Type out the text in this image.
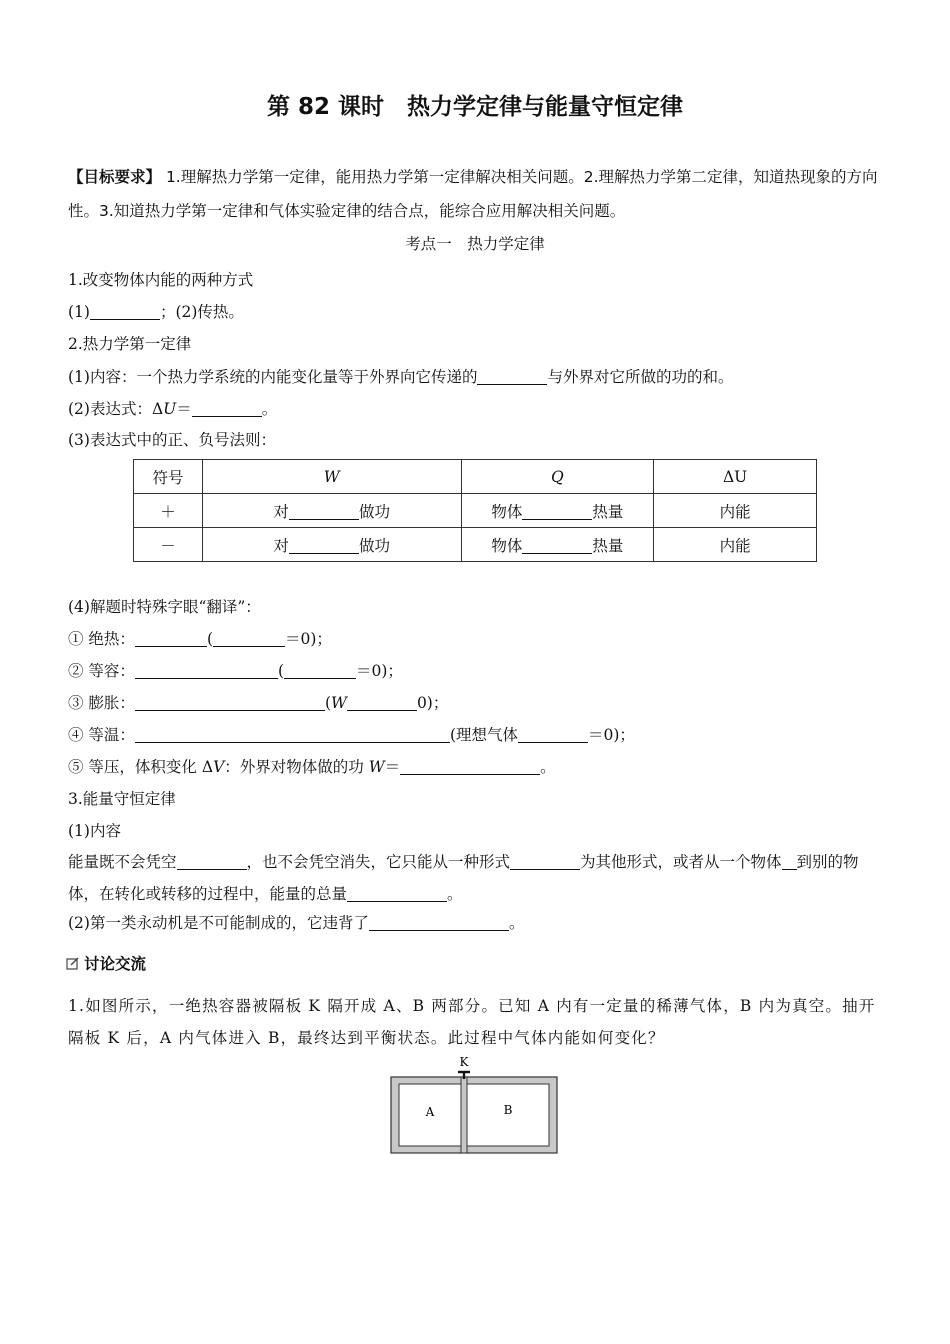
第 82 课时　热力学定律与能量守恒定律
【目标要求】 1.理解热力学第一定律，能用热力学第一定律解决相关问题。2.理解热力学第二定律，知道热现象的方向性。3.知道热力学第一定律和气体实验定律的结合点，能综合应用解决相关问题。
考点一　热力学定律
1.改变物体内能的两种方式
(1)	；(2)传热。
2.热力学第一定律
(1)内容：一个热力学系统的内能变化量等于外界向它传递的	与外界对它所做的功的和。
(2)表达式：ΔU＝	。
(3)表达式中的正、负号法则：
符号	W	Q	ΔU
＋	对 做功	物体 热量	内能
－	对 做功	物体 热量	内能
(4)解题时特殊字眼“翻译”：
① 绝热：	(	＝0)；
② 等容：	(	＝0)；
③ 膨胀：	(W	0)；
④ 等温：	(理想气体	＝0)；
⑤ 等压，体积变化 ΔV：外界对物体做的功 W＝	。
3.能量守恒定律
(1)内容
能量既不会凭空	，也不会凭空消失，它只能从一种形式	为其他形式，或者从一个物体 到别的物体，在转化或转移的过程中，能量的总量	。
(2)第一类永动机是不可能制成的，它违背了	。
讨论交流
1.如图所示，一绝热容器被隔板 K 隔开成 A、B 两部分。已知 A 内有一定量的稀薄气体，B 内为真空。抽开隔板 K 后，A 内气体进入 B，最终达到平衡状态。此过程中气体内能如何变化？
K
A	B
